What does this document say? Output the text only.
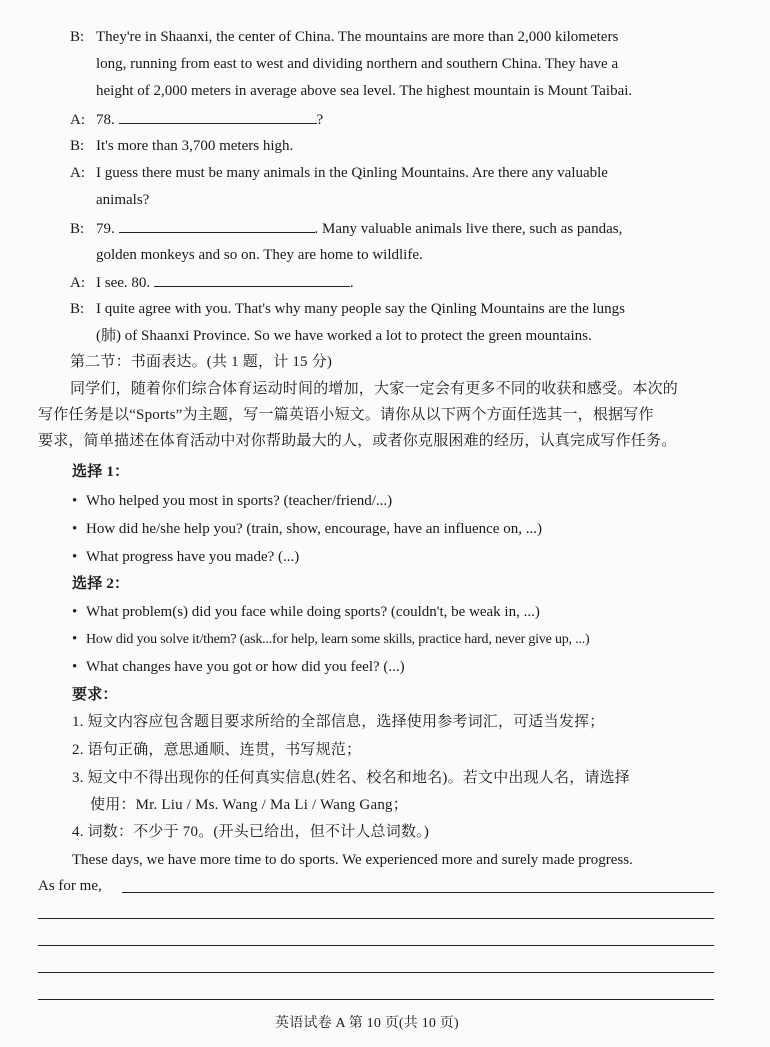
B: They're in Shaanxi, the center of China. The mountains are more than 2,000 kilometers
long, running from east to west and dividing northern and southern China. They have a
height of 2,000 meters in average above sea level. The highest mountain is Mount Taibai.
A: 78.	?
B: It's more than 3,700 meters high.
A: I guess there must be many animals in the Qinling Mountains. Are there any valuable
animals?
B: 79.	. Many valuable animals live there, such as pandas,
golden monkeys and so on. They are home to wildlife.
A: I see. 80.	.
B: I quite agree with you. That's why many people say the Qinling Mountains are the lungs
(肺) of Shaanxi Province. So we have worked a lot to protect the green mountains.
第二节：书面表达。(共 1 题，计 15 分)
同学们，随着你们综合体育运动时间的增加，大家一定会有更多不同的收获和感受。本次的
写作任务是以“Sports”为主题，写一篇英语小短文。请你从以下两个方面任选其一，根据写作
要求，简单描述在体育活动中对你帮助最大的人，或者你克服困难的经历，认真完成写作任务。
选择 1：
• Who helped you most in sports? (teacher/friend/...)
• How did he/she help you? (train, show, encourage, have an influence on, ...)
• What progress have you made? (...)
选择 2：
• What problem(s) did you face while doing sports? (couldn't, be weak in, ...)
• How did you solve it/them? (ask...for help, learn some skills, practice hard, never give up, ...)
• What changes have you got or how did you feel? (...)
要求：
1. 短文内容应包含题目要求所给的全部信息，选择使用参考词汇，可适当发挥；
2. 语句正确，意思通顺、连贯，书写规范；
3. 短文中不得出现你的任何真实信息(姓名、校名和地名)。若文中出现人名，请选择
使用：Mr. Liu / Ms. Wang / Ma Li / Wang Gang；
4. 词数：不少于 70。(开头已给出，但不计人总词数。)
These days, we have more time to do sports. We experienced more and surely made progress.
As for me,
英语试卷 A 第 10 页(共 10 页)
